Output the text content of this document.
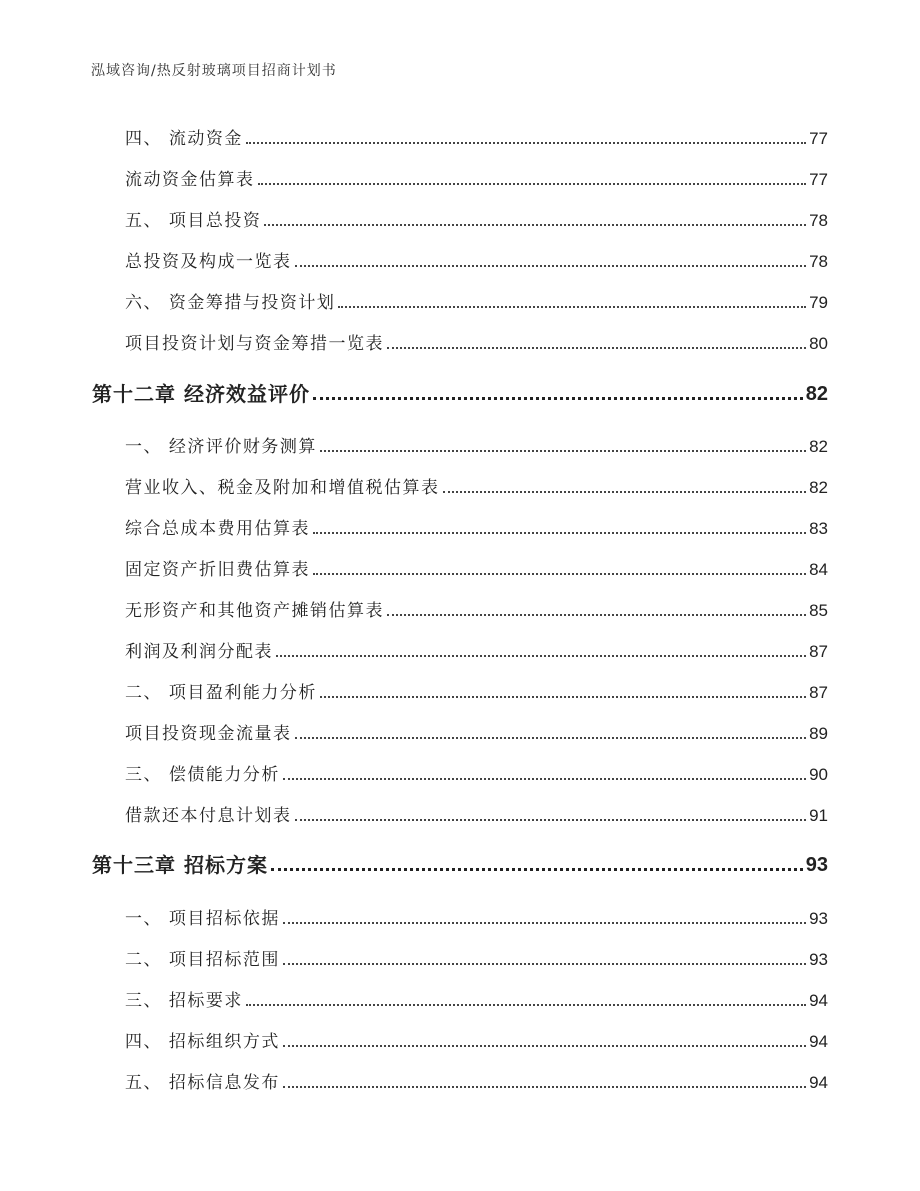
泓域咨询/热反射玻璃项目招商计划书
四、 流动资金	77
流动资金估算表	77
五、 项目总投资	78
总投资及构成一览表	78
六、 资金筹措与投资计划	79
项目投资计划与资金筹措一览表	80
第十二章 经济效益评价	82
一、 经济评价财务测算	82
营业收入、税金及附加和增值税估算表	82
综合总成本费用估算表	83
固定资产折旧费估算表	84
无形资产和其他资产摊销估算表	85
利润及利润分配表	87
二、 项目盈利能力分析	87
项目投资现金流量表	89
三、 偿债能力分析	90
借款还本付息计划表	91
第十三章 招标方案	93
一、 项目招标依据	93
二、 项目招标范围	93
三、 招标要求	94
四、 招标组织方式	94
五、 招标信息发布	94
